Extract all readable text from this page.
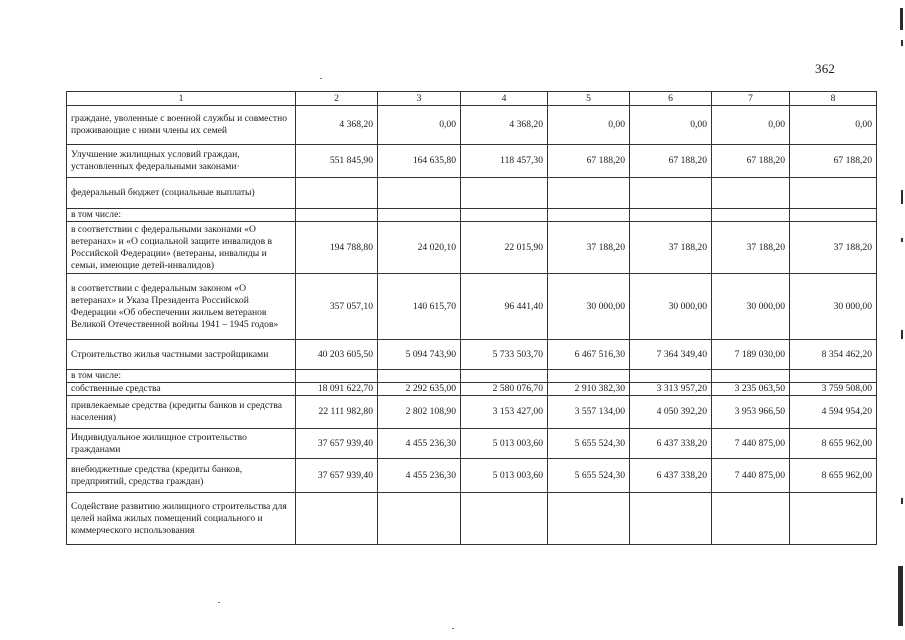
362
1	2	3	4	5	6	7	8
граждане, уволенные с военной службы и совместно проживающие с ними члены их семей	4 368,20	0,00	4 368,20	0,00	0,00	0,00	0,00
Улучшение жилищных условий граждан, установленных федеральными законами·	551 845,90	164 635,80	118 457,30	67 188,20	67 188,20	67 188,20	67 188,20
федеральный бюджет (социальные выплаты)							
в том числе:							
в соответствии с федеральными законами «О ветеранах» и «О социальной защите инвалидов в Российской Федерации» (ветераны, инвалиды и семьи, имеющие детей-инвалидов)	194 788,80	24 020,10	22 015,90	37 188,20	37 188,20	37 188,20	37 188,20
в соответствии с федеральным законом «О ветеранах» и Указа Президента Российской Федерации «Об обеспечении жильем ветеранов Великой Отечественной войны 1941 – 1945 годов»	357 057,10	140 615,70	96 441,40	30 000,00	30 000,00	30 000,00	30 000,00
Строительство жилья частными застройщиками	40 203 605,50	5 094 743,90	5 733 503,70	6 467 516,30	7 364 349,40	7 189 030,00	8 354 462,20
в том числе:							
собственные средства	18 091 622,70	2 292 635,00	2 580 076,70	2 910 382,30	3 313 957,20	3 235 063,50	3 759 508,00
привлекаемые средства (кредиты банков и средства населения)	22 111 982,80	2 802 108,90	3 153 427,00	3 557 134,00	4 050 392,20	3 953 966,50	4 594 954,20
Индивидуальное жилищное строительство гражданами	37 657 939,40	4 455 236,30	5 013 003,60	5 655 524,30	6 437 338,20	7 440 875,00	8 655 962,00
внебюджетные средства (кредиты банков, предприятий, средства граждан)	37 657 939,40	4 455 236,30	5 013 003,60	5 655 524,30	6 437 338,20	7 440 875,00	8 655 962,00
Содействие развитию жилищного строительства для целей найма жилых помещений социального и коммерческого использования							
